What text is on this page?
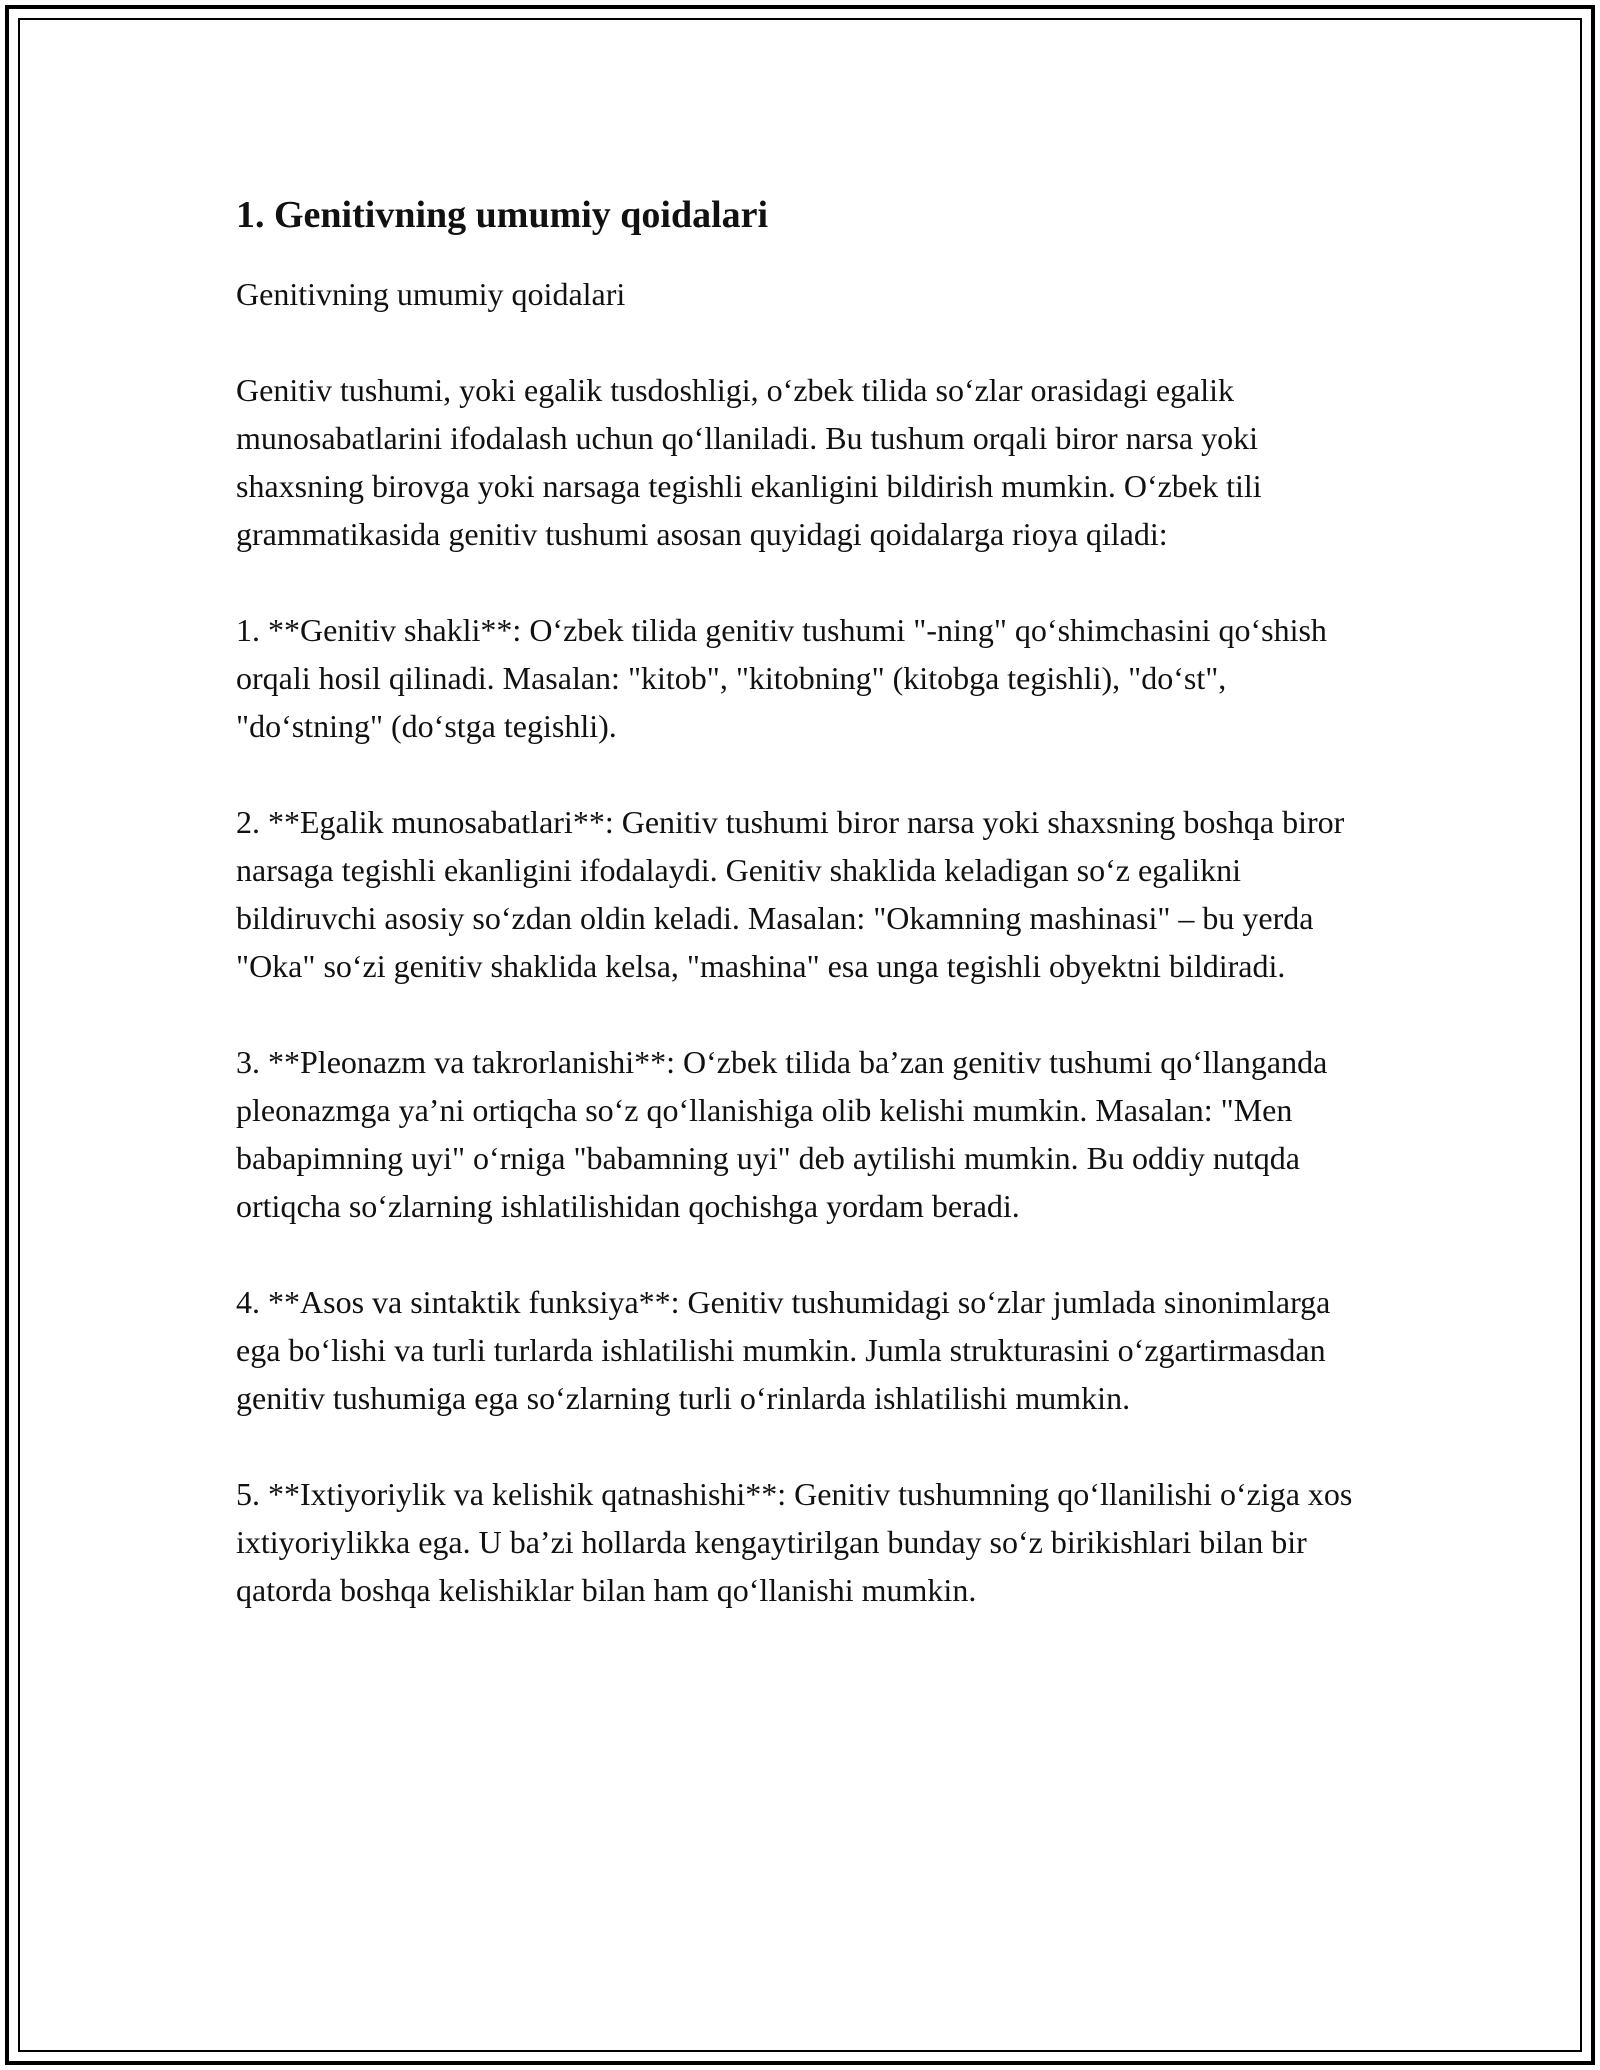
1. Genitivning umumiy qoidalari

Genitivning umumiy qoidalari

Genitiv tushumi, yoki egalik tusdoshligi, o‘zbek tilida so‘zlar orasidagi egalik munosabatlarini ifodalash uchun qo‘llaniladi. Bu tushum orqali biror narsa yoki shaxsning birovga yoki narsaga tegishli ekanligini bildirish mumkin. O‘zbek tili grammatikasida genitiv tushumi asosan quyidagi qoidalarga rioya qiladi:

1. **Genitiv shakli**: O‘zbek tilida genitiv tushumi "-ning" qo‘shimchasini qo‘shish orqali hosil qilinadi. Masalan: "kitob", "kitobning" (kitobga tegishli), "do‘st", "do‘stning" (do‘stga tegishli).

2. **Egalik munosabatlari**: Genitiv tushumi biror narsa yoki shaxsning boshqa biror narsaga tegishli ekanligini ifodalaydi. Genitiv shaklida keladigan so‘z egalikni bildiruvchi asosiy so‘zdan oldin keladi. Masalan: "Okamning mashinasi" – bu yerda "Oka" so‘zi genitiv shaklida kelsa, "mashina" esa unga tegishli obyektni bildiradi.

3. **Pleonazm va takrorlanishi**: O‘zbek tilida ba’zan genitiv tushumi qo‘llanganda pleonazmga ya’ni ortiqcha so‘z qo‘llanishiga olib kelishi mumkin. Masalan: "Men babapimning uyi" o‘rniga "babamning uyi" deb aytilishi mumkin. Bu oddiy nutqda ortiqcha so‘zlarning ishlatilishidan qochishga yordam beradi.

4. **Asos va sintaktik funksiya**: Genitiv tushumidagi so‘zlar jumlada sinonimlarga ega bo‘lishi va turli turlarda ishlatilishi mumkin. Jumla strukturasini o‘zgartirmasdan genitiv tushumiga ega so‘zlarning turli o‘rinlarda ishlatilishi mumkin.

5. **Ixtiyoriylik va kelishik qatnashishi**: Genitiv tushumning qo‘llanilishi o‘ziga xos ixtiyoriylikka ega. U ba’zi hollarda kengaytirilgan bunday so‘z birikishlari bilan bir qatorda boshqa kelishiklar bilan ham qo‘llanishi mumkin.
